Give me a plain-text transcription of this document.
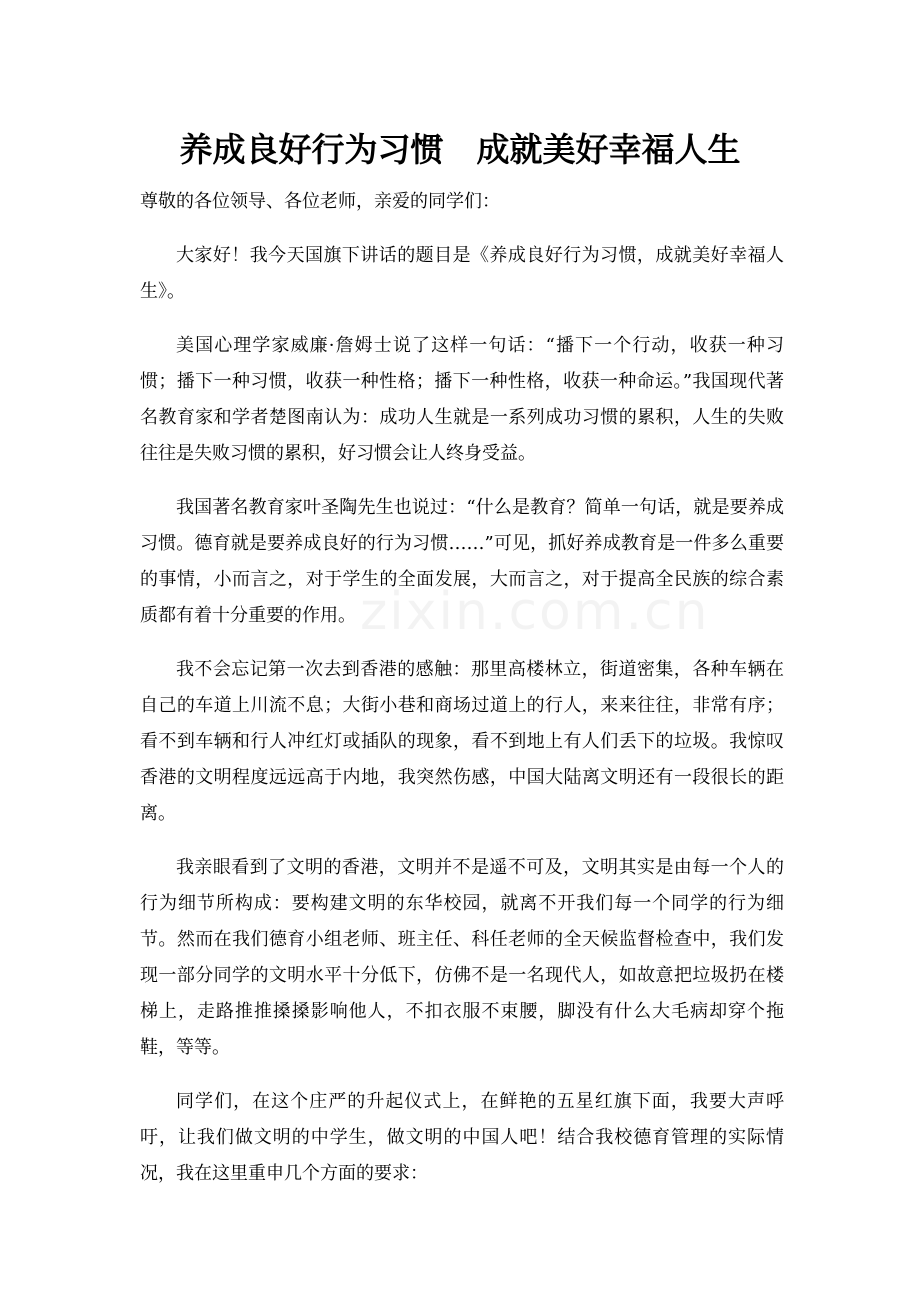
养成良好行为习惯　成就美好幸福人生

尊敬的各位领导、各位老师，亲爱的同学们：

大家好！我今天国旗下讲话的题目是《养成良好行为习惯，成就美好幸福人生》。

美国心理学家威廉·詹姆士说了这样一句话：“播下一个行动，收获一种习惯；播下一种习惯，收获一种性格；播下一种性格，收获一种命运。”我国现代著名教育家和学者楚图南认为：成功人生就是一系列成功习惯的累积，人生的失败往往是失败习惯的累积，好习惯会让人终身受益。

我国著名教育家叶圣陶先生也说过：“什么是教育？简单一句话，就是要养成习惯。德育就是要养成良好的行为习惯……”可见，抓好养成教育是一件多么重要的事情，小而言之，对于学生的全面发展，大而言之，对于提高全民族的综合素质都有着十分重要的作用。

我不会忘记第一次去到香港的感触：那里高楼林立，街道密集，各种车辆在自己的车道上川流不息；大街小巷和商场过道上的行人，来来往往，非常有序；看不到车辆和行人冲红灯或插队的现象，看不到地上有人们丢下的垃圾。我惊叹香港的文明程度远远高于内地，我突然伤感，中国大陆离文明还有一段很长的距离。

我亲眼看到了文明的香港，文明并不是遥不可及，文明其实是由每一个人的行为细节所构成：要构建文明的东华校园，就离不开我们每一个同学的行为细节。然而在我们德育小组老师、班主任、科任老师的全天候监督检查中，我们发现一部分同学的文明水平十分低下，仿佛不是一名现代人，如故意把垃圾扔在楼梯上，走路推推搡搡影响他人，不扣衣服不束腰，脚没有什么大毛病却穿个拖鞋，等等。

同学们，在这个庄严的升起仪式上，在鲜艳的五星红旗下面，我要大声呼吁，让我们做文明的中学生，做文明的中国人吧！结合我校德育管理的实际情况，我在这里重申几个方面的要求：
